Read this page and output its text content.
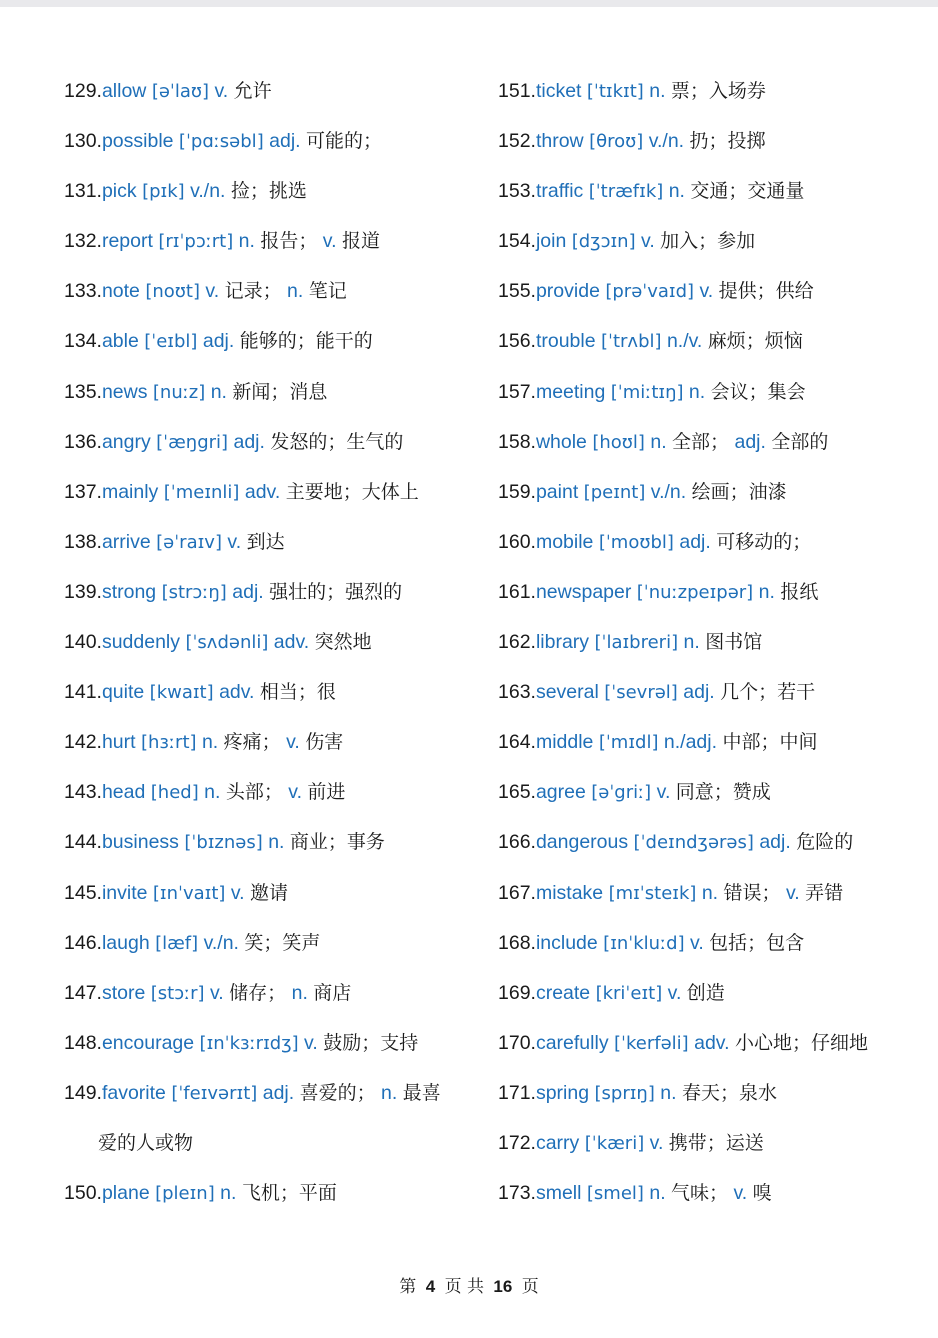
129.allow [əˈlaʊ] v. 允许
130.possible [ˈpɑːsəbl] adj. 可能的；
131.pick [pɪk] v./n. 捡；挑选
132.report [rɪˈpɔːrt] n. 报告； v. 报道
133.note [noʊt] v. 记录； n. 笔记
134.able [ˈeɪbl] adj. 能够的；能干的
135.news [nuːz] n. 新闻；消息
136.angry [ˈæŋgri] adj. 发怒的；生气的
137.mainly [ˈmeɪnli] adv. 主要地；大体上
138.arrive [əˈraɪv] v. 到达
139.strong [strɔːŋ] adj. 强壮的；强烈的
140.suddenly [ˈsʌdənli] adv. 突然地
141.quite [kwaɪt] adv. 相当；很
142.hurt [hɜːrt] n. 疼痛； v. 伤害
143.head [hed] n. 头部； v. 前进
144.business [ˈbɪznəs] n. 商业；事务
145.invite [ɪnˈvaɪt] v. 邀请
146.laugh [læf] v./n. 笑；笑声
147.store [stɔːr] v. 储存； n. 商店
148.encourage [ɪnˈkɜːrɪdʒ] v. 鼓励；支持
149.favorite [ˈfeɪvərɪt] adj. 喜爱的； n. 最喜
爱的人或物
150.plane [pleɪn] n. 飞机；平面
151.ticket [ˈtɪkɪt] n. 票；入场券
152.throw [θroʊ] v./n. 扔；投掷
153.traffic [ˈtræfɪk] n. 交通；交通量
154.join [dʒɔɪn] v. 加入；参加
155.provide [prəˈvaɪd] v. 提供；供给
156.trouble [ˈtrʌbl] n./v. 麻烦；烦恼
157.meeting [ˈmiːtɪŋ] n. 会议；集会
158.whole [hoʊl] n. 全部； adj. 全部的
159.paint [peɪnt] v./n. 绘画；油漆
160.mobile [ˈmoʊbl] adj. 可移动的；
161.newspaper [ˈnuːzpeɪpər] n. 报纸
162.library [ˈlaɪbreri] n. 图书馆
163.several [ˈsevrəl] adj. 几个；若干
164.middle [ˈmɪdl] n./adj. 中部；中间
165.agree [əˈgriː] v. 同意；赞成
166.dangerous [ˈdeɪndʒərəs] adj. 危险的
167.mistake [mɪˈsteɪk] n. 错误； v. 弄错
168.include [ɪnˈkluːd] v. 包括；包含
169.create [kriˈeɪt] v. 创造
170.carefully [ˈkerfəli] adv. 小心地；仔细地
171.spring [sprɪŋ] n. 春天；泉水
172.carry [ˈkæri] v. 携带；运送
173.smell [smel] n. 气味； v. 嗅
第 4 页 共 16 页
